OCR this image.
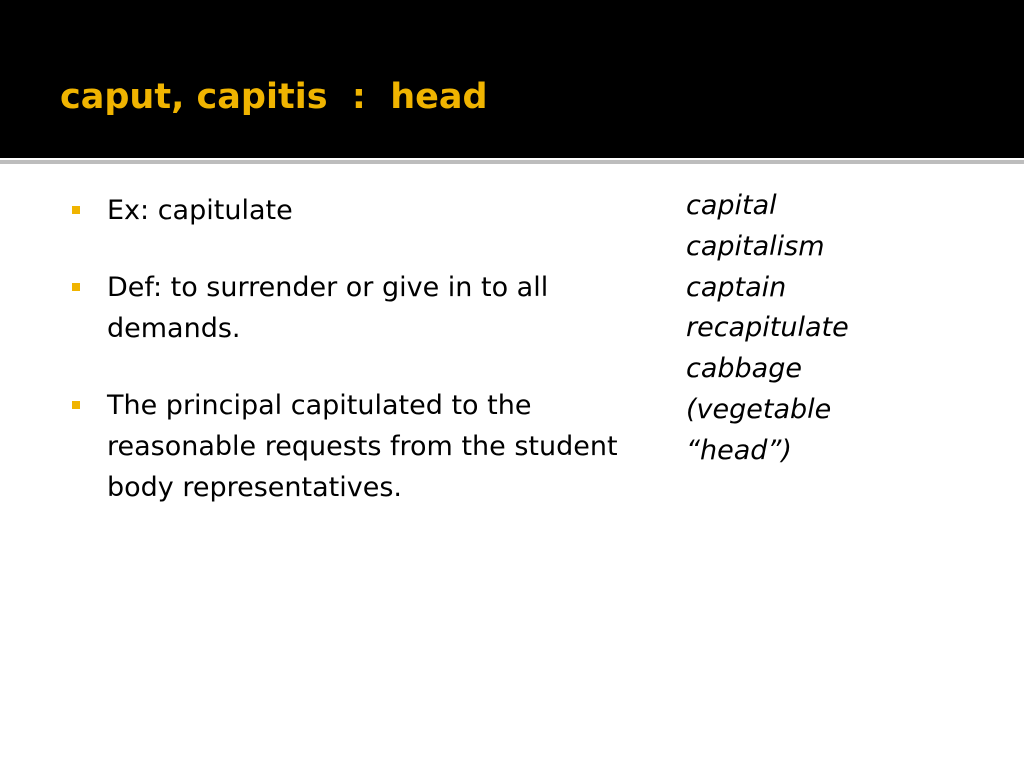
caput, capitis  :  head
Ex: capitulate
Def: to surrender or give in to all demands.
The principal capitulated to the reasonable requests from the student body representatives.
capital
capitalism
captain
recapitulate
cabbage
(vegetable
“head”)
